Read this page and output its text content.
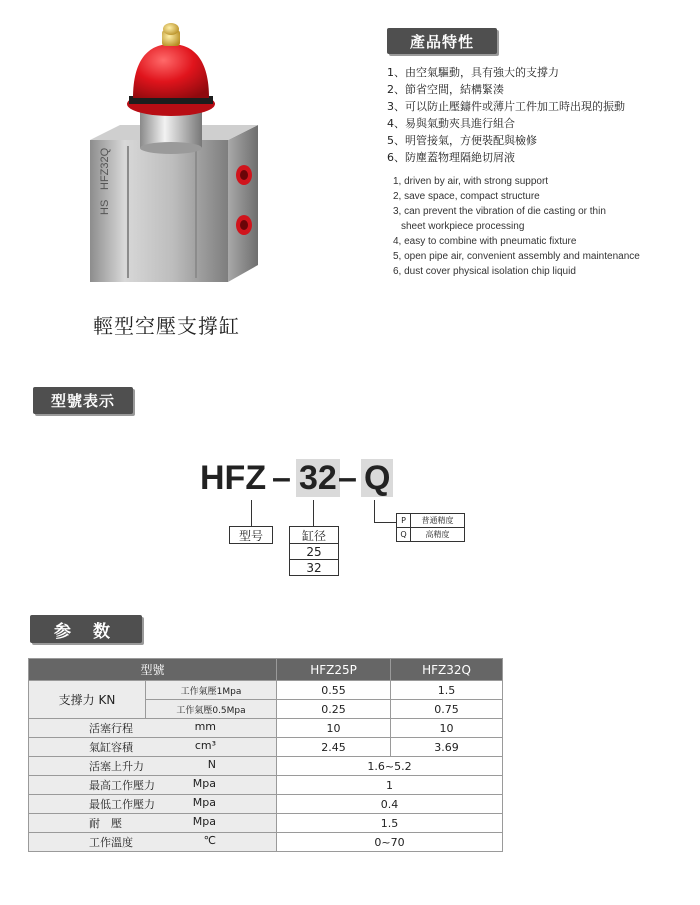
HS
HFZ32Q
輕型空壓支撐缸
產品特性
1、由空氣驅動，具有強大的支撐力
2、節省空間，結構緊湊
3、可以防止壓鑄件或薄片工件加工時出現的振動
4、易與氣動夾具進行組合
5、明管接氣，方便裝配與檢修
6、防塵蓋物理隔絶切屑液
1, driven by air, with strong support
2, save space, compact structure
3, can prevent the vibration of die casting or thin
sheet workpiece processing
4, easy to combine with pneumatic fixture
5, open pipe air, convenient assembly and maintenance
6, dust cover physical isolation chip liquid
型號表示
HFZ – 32 – Q
型号	缸径
25
32
P	普通精度
Q	高精度
参 数
型號		HFZ25P	HFZ32Q
支撐力 KN	工作氣壓1Mpa	0.55	1.5
	工作氣壓0.5Mpa	0.25	0.75

活塞行程 mm		10	10

氣缸容積 cm³		2.45	3.69

活塞上升力 N		1.6~5.2	

最高工作壓力 Mpa		1	

最低工作壓力 Mpa		0.4	

耐　壓 Mpa		1.5	

工作溫度 ℃		0~70	
